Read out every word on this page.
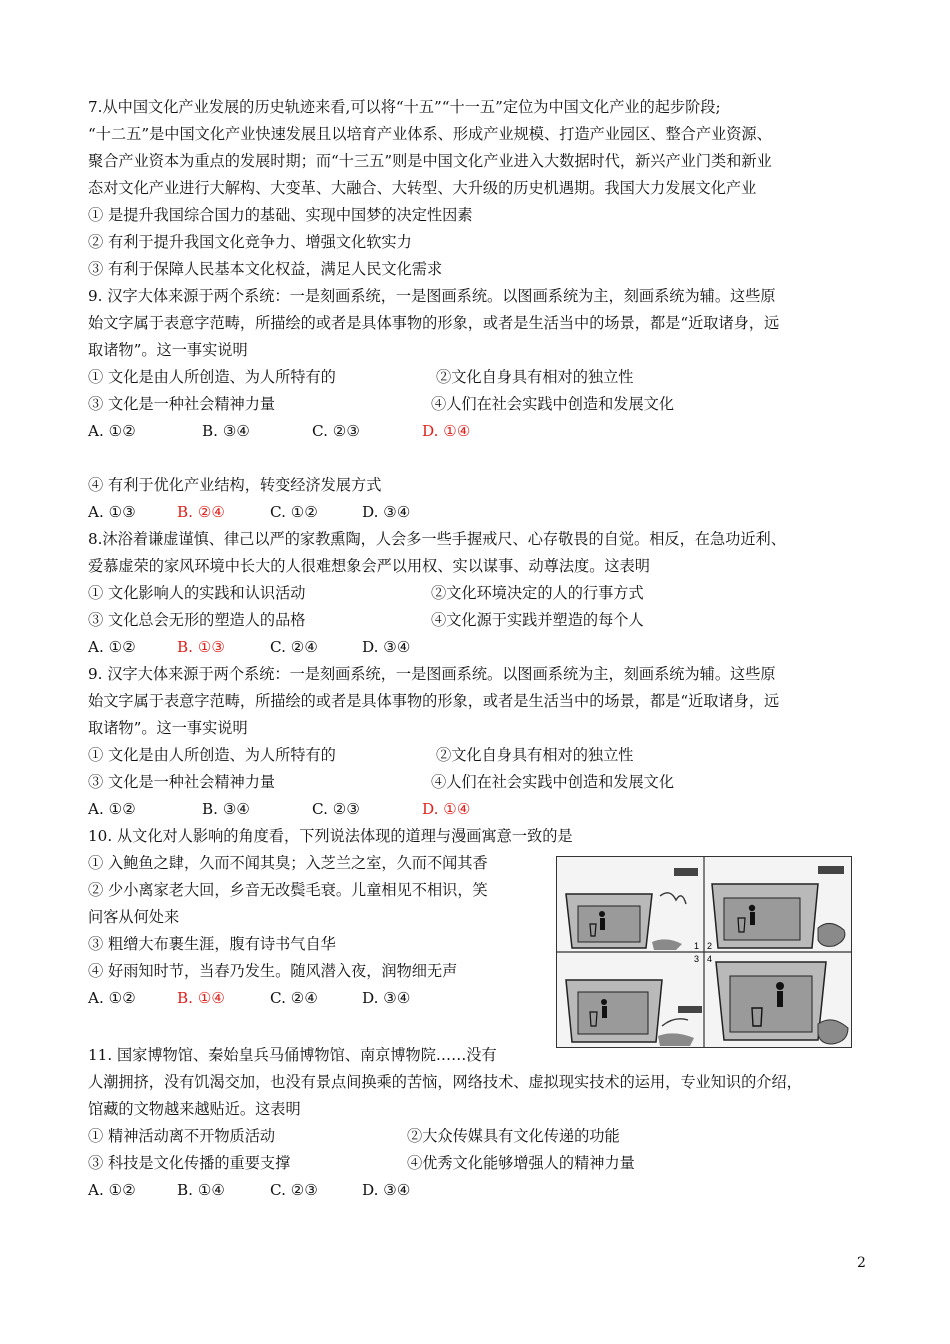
7.从中国文化产业发展的历史轨迹来看,可以将“十五”“十一五”定位为中国文化产业的起步阶段;
“十二五”是中国文化产业快速发展且以培育产业体系、形成产业规模、打造产业园区、整合产业资源、
聚合产业资本为重点的发展时期；而“十三五”则是中国文化产业进入大数据时代，新兴产业门类和新业
态对文化产业进行大解构、大变革、大融合、大转型、大升级的历史机遇期。我国大力发展文化产业
① 是提升我国综合国力的基础、实现中国梦的决定性因素
② 有利于提升我国文化竞争力、增强文化软实力
③ 有利于保障人民基本文化权益，满足人民文化需求
9. 汉字大体来源于两个系统：一是刻画系统，一是图画系统。以图画系统为主，刻画系统为辅。这些原
始文字属于表意字范畴，所描绘的或者是具体事物的形象，或者是生活当中的场景，都是“近取诸身，远
取诸物”。这一事实说明
① 文化是由人所创造、为人所特有的	②文化自身具有相对的独立性
③ 文化是一种社会精神力量	④人们在社会实践中创造和发展文化
A. ①②	B. ③④	C. ②③	D. ①④
④ 有利于优化产业结构，转变经济发展方式
A. ①③	B. ②④	C. ①②	D. ③④
8.沐浴着谦虚谨慎、律己以严的家教熏陶，人会多一些手握戒尺、心存敬畏的自觉。相反，在急功近利、
爱慕虚荣的家风环境中长大的人很难想象会严以用权、实以谋事、动尊法度。这表明
① 文化影响人的实践和认识活动	②文化环境决定的人的行事方式
③ 文化总会无形的塑造人的品格	④文化源于实践并塑造的每个人
A. ①②	B. ①③	C. ②④	D. ③④
9. 汉字大体来源于两个系统：一是刻画系统，一是图画系统。以图画系统为主，刻画系统为辅。这些原
始文字属于表意字范畴，所描绘的或者是具体事物的形象，或者是生活当中的场景，都是“近取诸身，远
取诸物”。这一事实说明
① 文化是由人所创造、为人所特有的	②文化自身具有相对的独立性
③ 文化是一种社会精神力量	④人们在社会实践中创造和发展文化
A. ①②	B. ③④	C. ②③	D. ①④
10. 从文化对人影响的角度看，下列说法体现的道理与漫画寓意一致的是
① 入鲍鱼之肆，久而不闻其臭；入芝兰之室，久而不闻其香
② 少小离家老大回，乡音无改鬓毛衰。儿童相见不相识，笑
问客从何处来
③ 粗缯大布裹生涯，腹有诗书气自华
④ 好雨知时节，当春乃发生。随风潜入夜，润物细无声
A. ①②	B. ①④	C. ②④	D. ③④
1 2
3 4
11. 国家博物馆、秦始皇兵马俑博物馆、南京博物院……没有
人潮拥挤，没有饥渴交加，也没有景点间换乘的苦恼，网络技术、虚拟现实技术的运用，专业知识的介绍，
馆藏的文物越来越贴近。这表明
① 精神活动离不开物质活动	②大众传媒具有文化传递的功能
③ 科技是文化传播的重要支撑	④优秀文化能够增强人的精神力量
A. ①②	B. ①④	C. ②③	D. ③④
2
